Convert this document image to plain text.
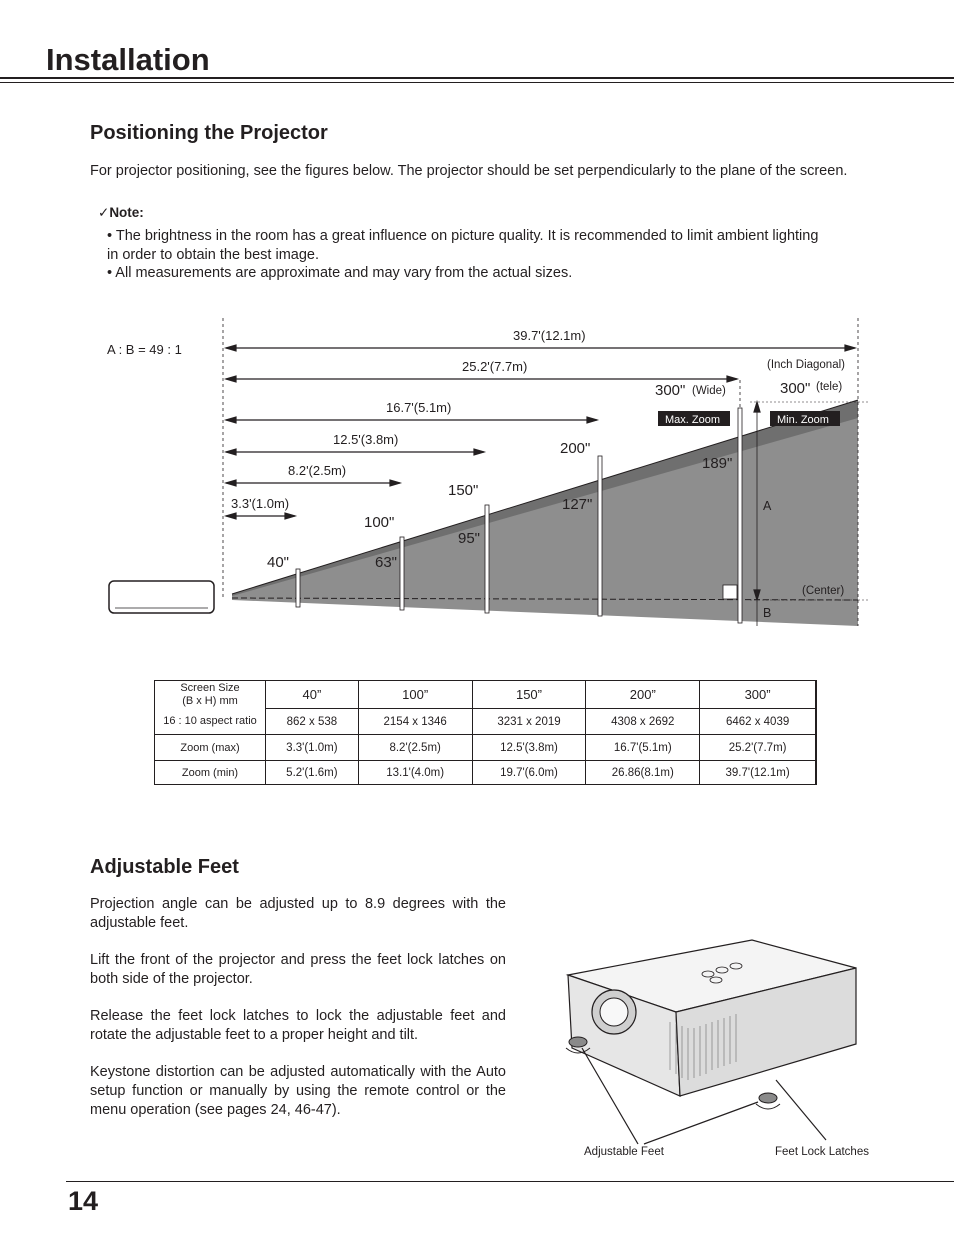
Installation
Positioning the Projector

For projector positioning, see the figures below. The projector should be set perpendicularly to the plane of the screen.

✓Note:

• The brightness in the room has a great influence on picture quality. It is recommended to limit ambient lighting in order to obtain the best image.

• All measurements are approximate and may vary from the actual sizes.

Max. Zoom	Min. Zoom
A : B = 49 : 1
39.7'(12.1m)
25.2'(7.7m)
16.7'(5.1m)
12.5'(3.8m)
8.2'(2.5m)
3.3'(1.0m)
(Inch Diagonal)
300" (Wide)	300" (tele)
200"
150"
100"
40"	63"
95"
127"
189"
A
B
(Center)
Screen Size
(B x H) mm	40”	100”	150”	200”	300”
16 : 10 aspect ratio	862 x 538	2154 x 1346	3231 x 2019	4308 x 2692	6462 x 4039
Zoom (max)	3.3'(1.0m)	8.2'(2.5m)	12.5'(3.8m)	16.7'(5.1m)	25.2'(7.7m)
Zoom (min)	5.2'(1.6m)	13.1'(4.0m)	19.7'(6.0m)	26.86(8.1m)	39.7'(12.1m)
Adjustable Feet

Projection angle can be adjusted up to 8.9 degrees with the adjustable feet.

Lift the front of the projector and press the feet lock latches on both side of the projector.

Release the feet lock latches to lock the adjustable feet and rotate the adjustable feet to a proper height and tilt.

Keystone distortion can be adjusted automatically with the Auto setup function or manually by using the remote control or the menu operation (see pages 24, 46-47).

Adjustable Feet	Feet Lock Latches
14
